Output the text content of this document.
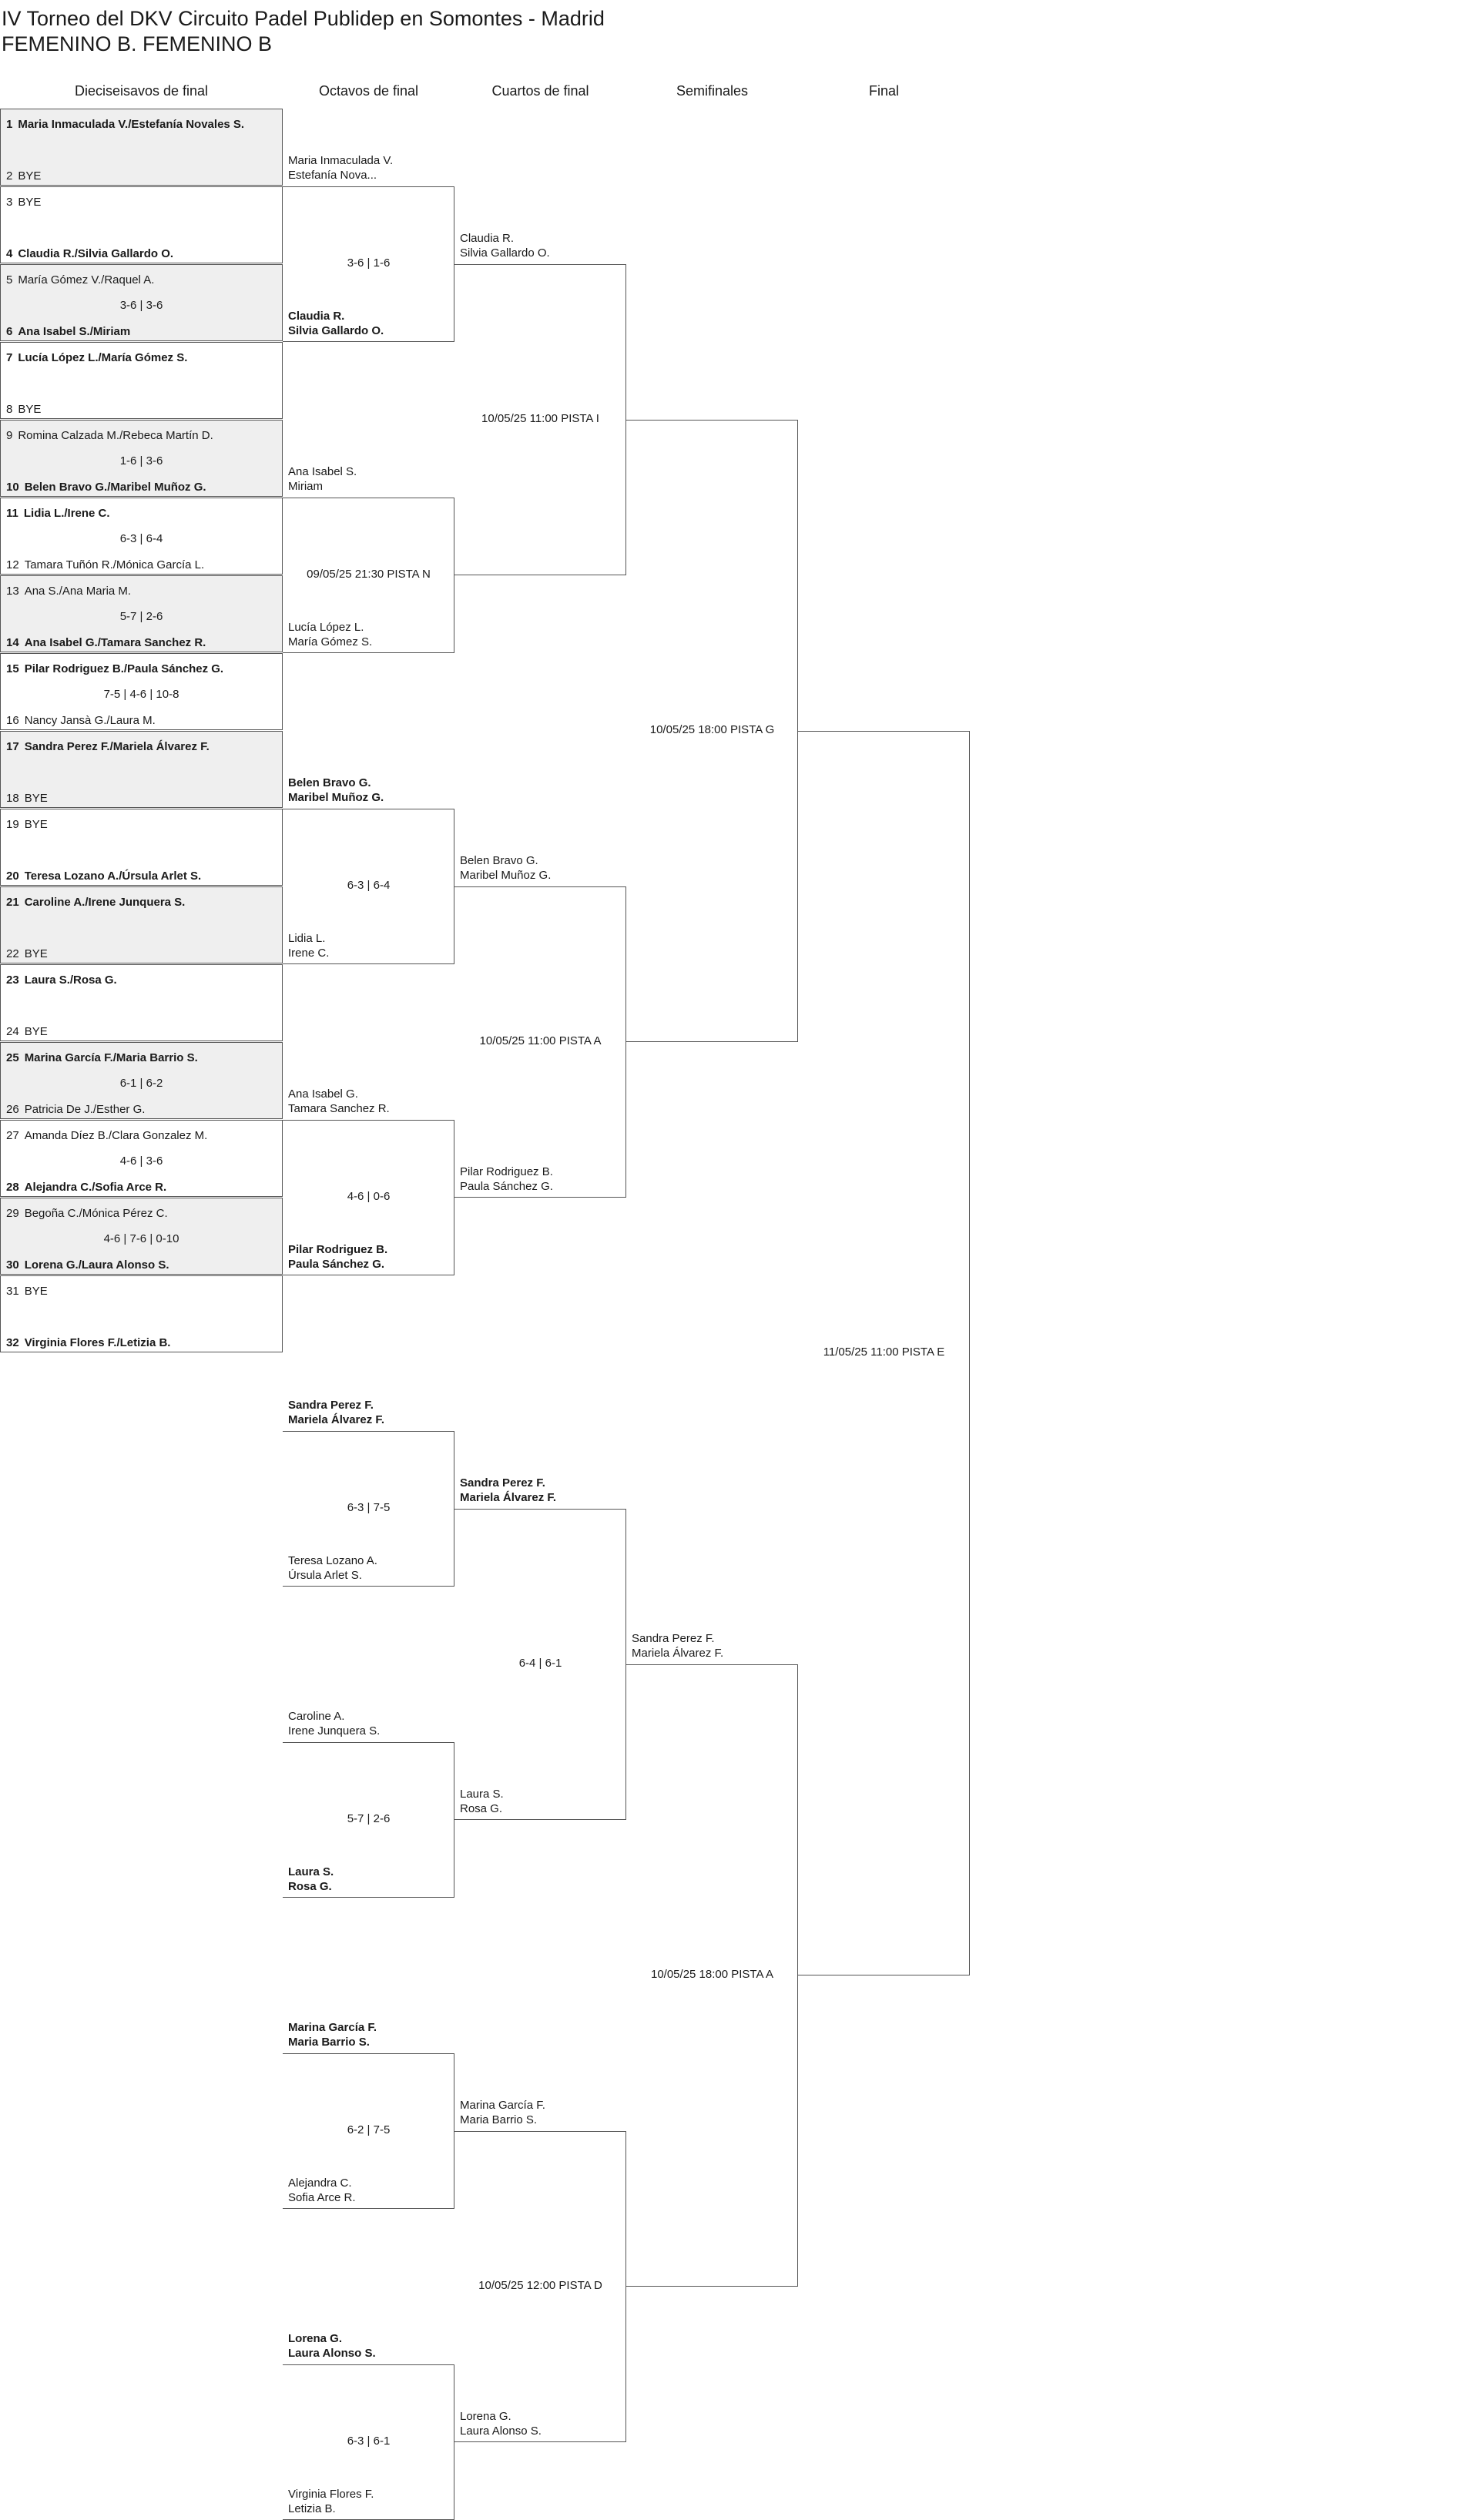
IV Torneo del DKV Circuito Padel Publidep en Somontes - Madrid
FEMENINO B. FEMENINO B
Dieciseisavos de final	Octavos de final	Cuartos de final	Semifinales	Final
1 Maria Inmaculada V./Estefanía Novales S.
2 BYE
3 BYE
4 Claudia R./Silvia Gallardo O.
5 María Gómez V./Raquel A.
6 Ana Isabel S./Miriam
3-6 | 3-6
7 Lucía López L./María Gómez S.
8 BYE
9 Romina Calzada M./Rebeca Martín D.
10 Belen Bravo G./Maribel Muñoz G.
1-6 | 3-6
11 Lidia L./Irene C.
12 Tamara Tuñón R./Mónica García L.
6-3 | 6-4
13 Ana S./Ana Maria M.
14 Ana Isabel G./Tamara Sanchez R.
5-7 | 2-6
15 Pilar Rodriguez B./Paula Sánchez G.
16 Nancy Jansà G./Laura M.
7-5 | 4-6 | 10-8
17 Sandra Perez F./Mariela Álvarez F.
18 BYE
19 BYE
20 Teresa Lozano A./Úrsula Arlet S.
21 Caroline A./Irene Junquera S.
22 BYE
23 Laura S./Rosa G.
24 BYE
25 Marina García F./Maria Barrio S.
26 Patricia De J./Esther G.
6-1 | 6-2
27 Amanda Díez B./Clara Gonzalez M.
28 Alejandra C./Sofia Arce R.
4-6 | 3-6
29 Begoña C./Mónica Pérez C.
30 Lorena G./Laura Alonso S.
4-6 | 7-6 | 0-10
31 BYE
32 Virginia Flores F./Letizia B.
3-6 | 1-6
Maria Inmaculada V.
Estefanía Nova...
Claudia R.
Silvia Gallardo O.
09/05/25 21:30 PISTA N
Ana Isabel S.
Miriam
Lucía López L.
María Gómez S.
6-3 | 6-4
Belen Bravo G.
Maribel Muñoz G.
Lidia L.
Irene C.
4-6 | 0-6
Ana Isabel G.
Tamara Sanchez R.
Pilar Rodriguez B.
Paula Sánchez G.
6-3 | 7-5
Sandra Perez F.
Mariela Álvarez F.
Teresa Lozano A.
Úrsula Arlet S.
5-7 | 2-6
Caroline A.
Irene Junquera S.
Laura S.
Rosa G.
6-2 | 7-5
Marina García F.
Maria Barrio S.
Alejandra C.
Sofia Arce R.
6-3 | 6-1
Lorena G.
Laura Alonso S.
Virginia Flores F.
Letizia B.
10/05/25 11:00 PISTA I
Claudia R.
Silvia Gallardo O.
10/05/25 11:00 PISTA A
Belen Bravo G.
Maribel Muñoz G.
Pilar Rodriguez B.
Paula Sánchez G.
6-4 | 6-1
Sandra Perez F.
Mariela Álvarez F.
Laura S.
Rosa G.
10/05/25 12:00 PISTA D
Marina García F.
Maria Barrio S.
Lorena G.
Laura Alonso S.
10/05/25 18:00 PISTA G
10/05/25 18:00 PISTA A
Sandra Perez F.
Mariela Álvarez F.
11/05/25 11:00 PISTA E
